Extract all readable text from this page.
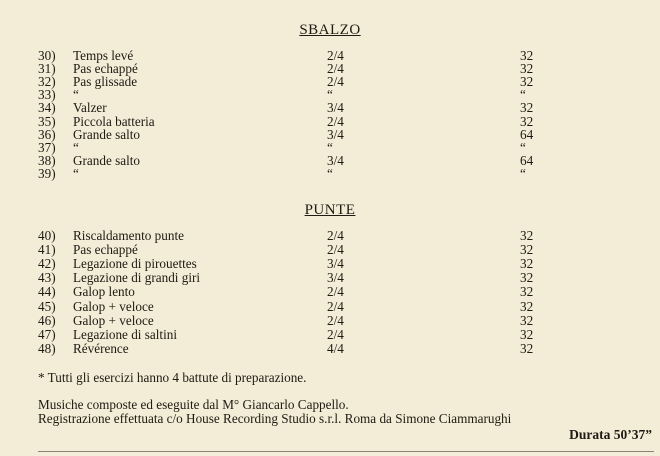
SBALZO
30) Temps levé	2/4	32
31) Pas echappé	2/4	32
32) Pas glissade	2/4	32
33) “	“	“
34) Valzer	3/4	32
35) Piccola batteria	2/4	32
36) Grande salto	3/4	64
37) “	“	“
38) Grande salto	3/4	64
39) “	“	“
PUNTE
40) Riscaldamento punte	2/4	32
41) Pas echappé	2/4	32
42) Legazione di pirouettes	3/4	32
43) Legazione di grandi giri	3/4	32
44) Galop lento	2/4	32
45) Galop + veloce	2/4	32
46) Galop + veloce	2/4	32
47) Legazione di saltini	2/4	32
48) Révérence	4/4	32
* Tutti gli esercizi hanno 4 battute di preparazione.
Musiche composte ed eseguite dal M° Giancarlo Cappello.
Registrazione effettuata c/o House Recording Studio s.r.l. Roma da Simone Ciammarughi
Durata 50’37”
